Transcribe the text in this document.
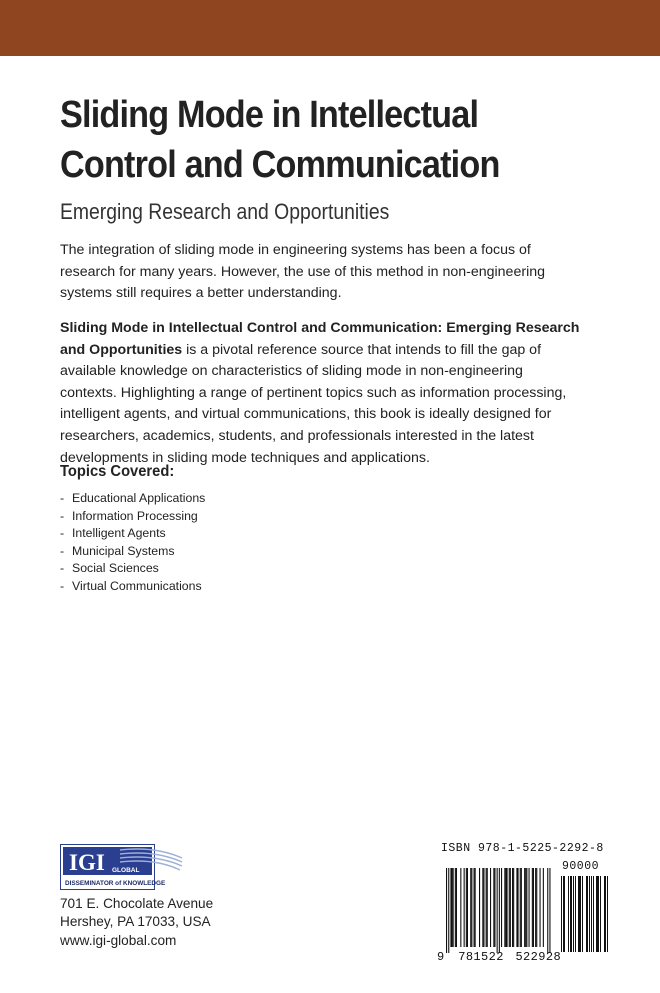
Sliding Mode in Intellectual
Control and Communication
Emerging Research and Opportunities

The integration of sliding mode in engineering systems has been a focus of research for many years. However, the use of this method in non-engineering systems still requires a better understanding.

Sliding Mode in Intellectual Control and Communication: Emerging Research and Opportunities is a pivotal reference source that intends to fill the gap of available knowledge on characteristics of sliding mode in non-engineering contexts. Highlighting a range of pertinent topics such as information processing, intelligent agents, and virtual communications, this book is ideally designed for researchers, academics, students, and professionals interested in the latest developments in sliding mode techniques and applications.

Topics Covered:
- Educational Applications
- Information Processing
- Intelligent Agents
- Municipal Systems
- Social Sciences
- Virtual Communications
IGI GLOBAL
DISSEMINATOR of KNOWLEDGE
701 E. Chocolate Avenue
Hershey, PA 17033, USA
www.igi-global.com
ISBN 978-1-5225-2292-8
90000
9 781522 522928
